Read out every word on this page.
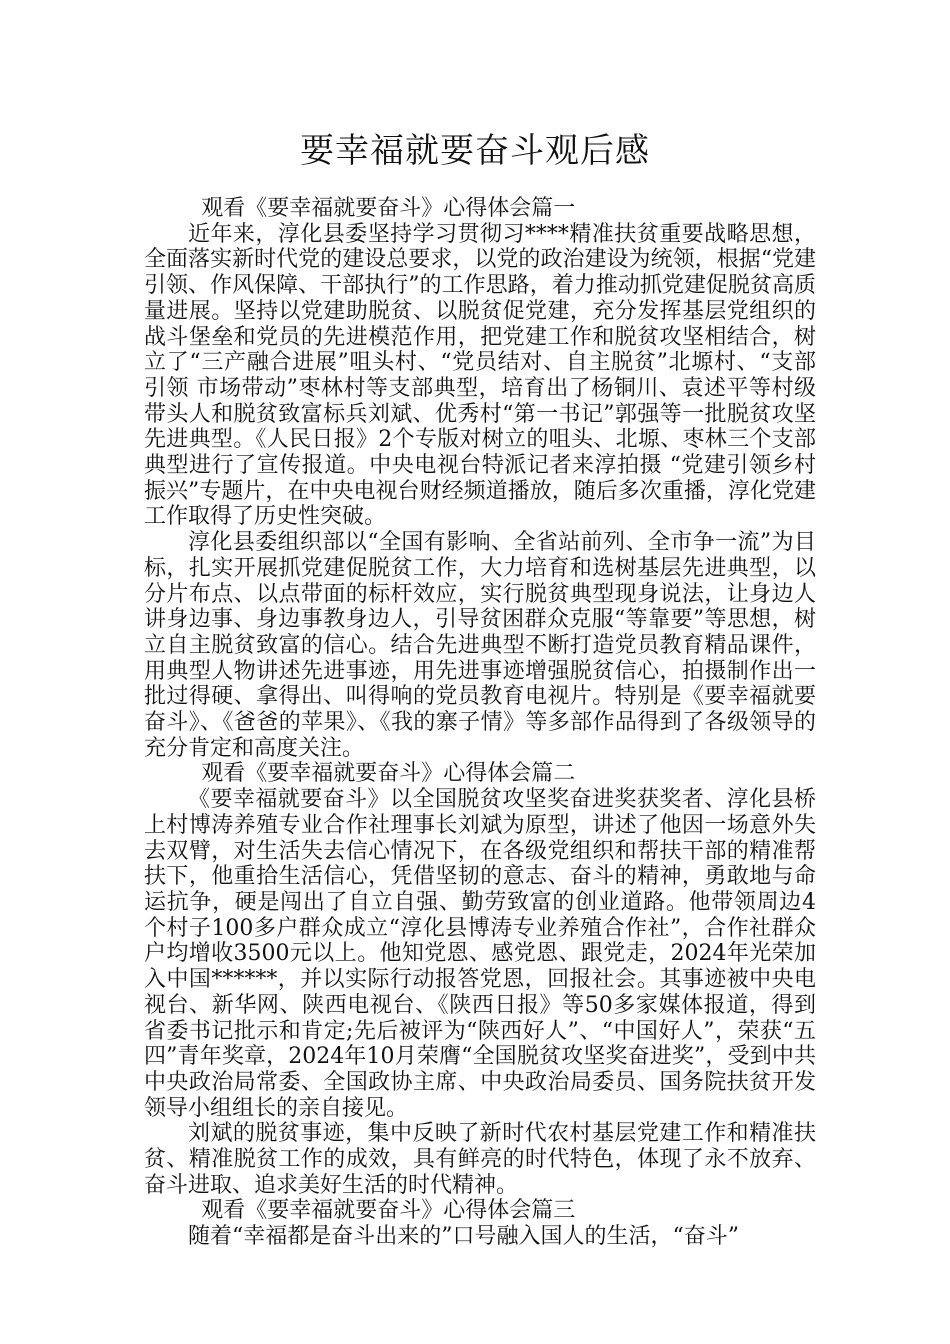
要幸福就要奋斗观后感

观看《要幸福就要奋斗》心得体会篇一

近年来，淳化县委坚持学习贯彻习****精准扶贫重要战略思想，全面落实新时代党的建设总要求，以党的政治建设为统领，根据“党建引领、作风保障、干部执行”的工作思路，着力推动抓党建促脱贫高质量进展。坚持以党建助脱贫、以脱贫促党建，充分发挥基层党组织的战斗堡垒和党员的先进模范作用，把党建工作和脱贫攻坚相结合，树立了“三产融合进展”咀头村、“党员结对、自主脱贫”北塬村、“支部引领 市场带动”枣林村等支部典型，培育出了杨铜川、袁述平等村级带头人和脱贫致富标兵刘斌、优秀村“第一书记”郭强等一批脱贫攻坚先进典型。《人民日报》2个专版对树立的咀头、北塬、枣林三个支部典型进行了宣传报道。中央电视台特派记者来淳拍摄 “党建引领乡村振兴”专题片，在中央电视台财经频道播放，随后多次重播，淳化党建工作取得了历史性突破。

淳化县委组织部以“全国有影响、全省站前列、全市争一流”为目标，扎实开展抓党建促脱贫工作，大力培育和选树基层先进典型，以分片布点、以点带面的标杆效应，实行脱贫典型现身说法，让身边人讲身边事、身边事教身边人，引导贫困群众克服“等靠要”等思想，树立自主脱贫致富的信心。结合先进典型不断打造党员教育精品课件，用典型人物讲述先进事迹，用先进事迹增强脱贫信心，拍摄制作出一批过得硬、拿得出、叫得响的党员教育电视片。特别是《要幸福就要奋斗》、《爸爸的苹果》、《我的寨子情》等多部作品得到了各级领导的充分肯定和高度关注。

观看《要幸福就要奋斗》心得体会篇二

《要幸福就要奋斗》以全国脱贫攻坚奖奋进奖获奖者、淳化县桥上村博涛养殖专业合作社理事长刘斌为原型，讲述了他因一场意外失去双臂，对生活失去信心情况下，在各级党组织和帮扶干部的精准帮扶下，他重拾生活信心，凭借坚韧的意志、奋斗的精神，勇敢地与命运抗争，硬是闯出了自立自强、勤劳致富的创业道路。他带领周边4个村子100多户群众成立“淳化县博涛专业养殖合作社”，合作社群众户均增收3500元以上。他知党恩、感党恩、跟党走，2024年光荣加入中国******，并以实际行动报答党恩，回报社会。其事迹被中央电视台、新华网、陕西电视台、《陕西日报》等50多家媒体报道，得到省委书记批示和肯定;先后被评为“陕西好人”、“中国好人”，荣获“五四”青年奖章，2024年10月荣膺“全国脱贫攻坚奖奋进奖”，受到中共中央政治局常委、全国政协主席、中央政治局委员、国务院扶贫开发领导小组组长的亲自接见。

刘斌的脱贫事迹，集中反映了新时代农村基层党建工作和精准扶贫、精准脱贫工作的成效，具有鲜亮的时代特色，体现了永不放弃、奋斗进取、追求美好生活的时代精神。

观看《要幸福就要奋斗》心得体会篇三

随着“幸福都是奋斗出来的”口号融入国人的生活，“奋斗”
